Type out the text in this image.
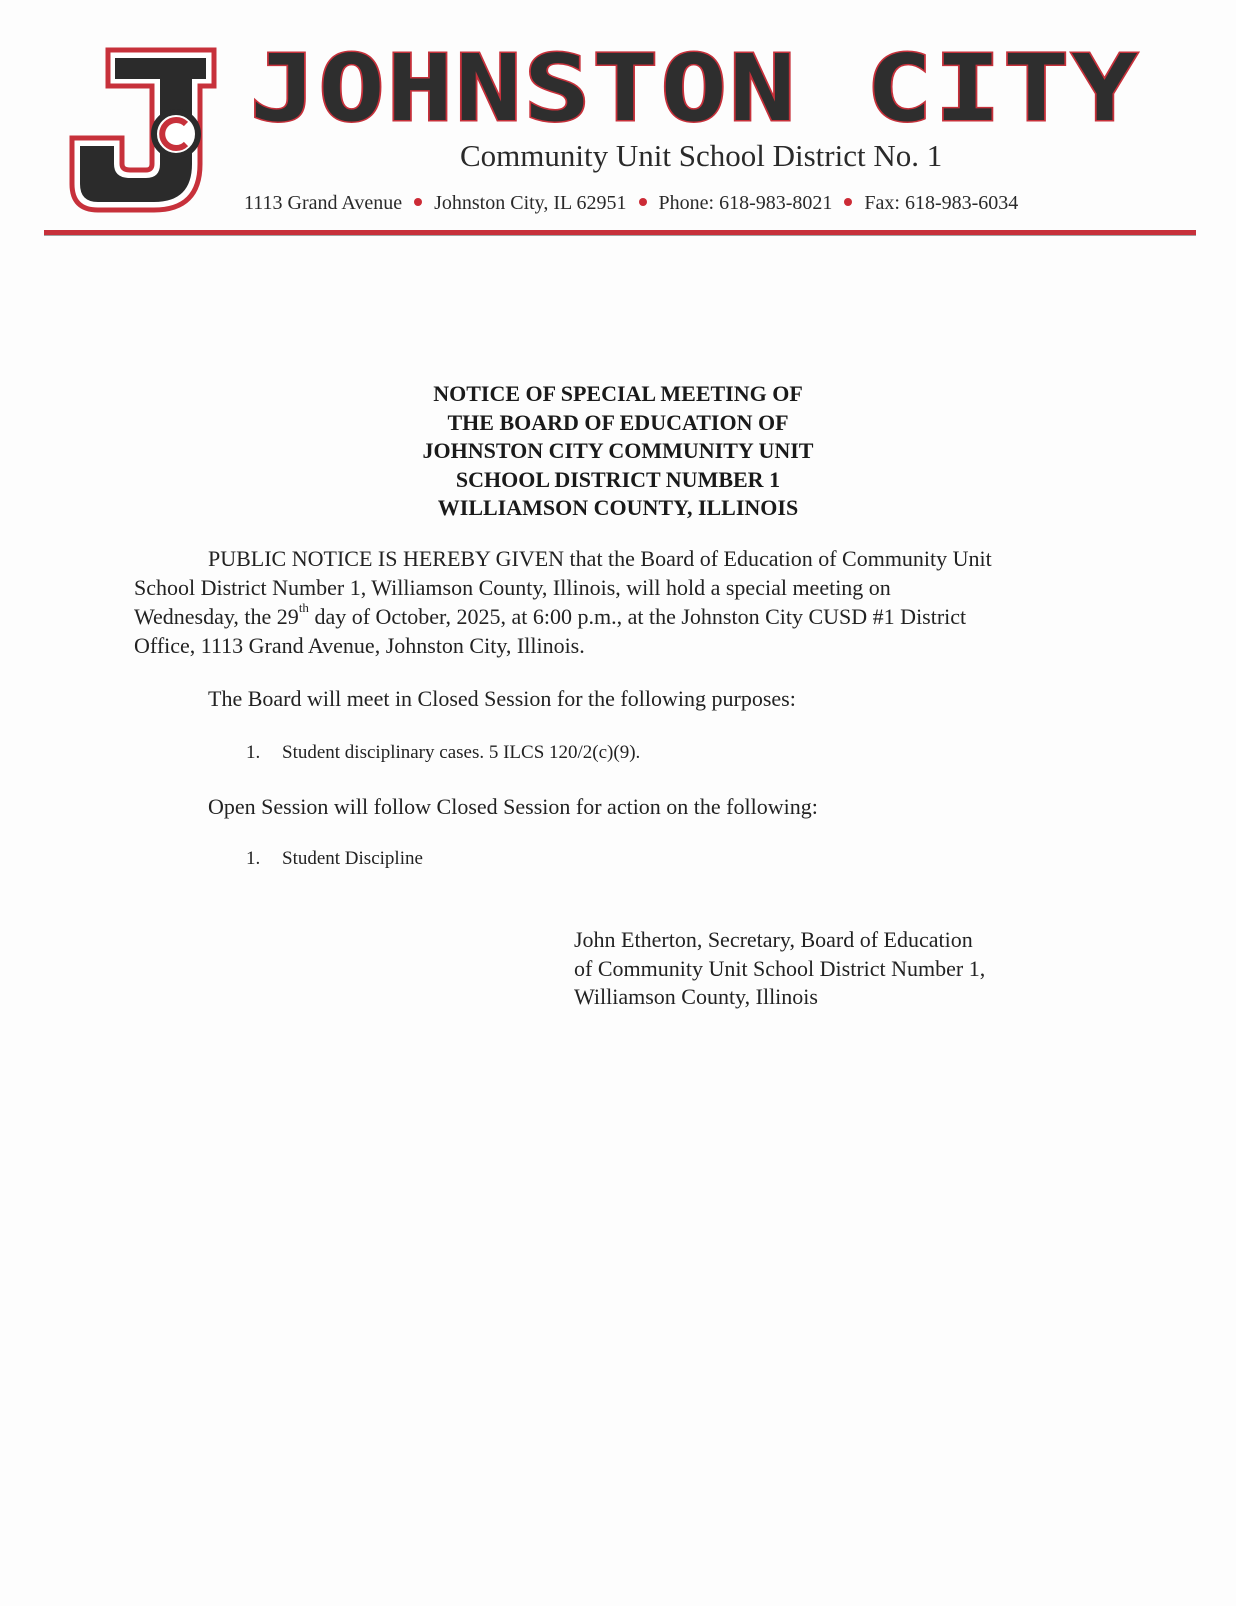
JOHNSTON CITY
Community Unit School District No. 1
1113 Grand Avenue Johnston City, IL 62951 Phone: 618-983-8021 Fax: 618-983-6034
NOTICE OF SPECIAL MEETING OF
THE BOARD OF EDUCATION OF
JOHNSTON CITY COMMUNITY UNIT
SCHOOL DISTRICT NUMBER 1
WILLIAMSON COUNTY, ILLINOIS
PUBLIC NOTICE IS HEREBY GIVEN that the Board of Education of Community Unit
School District Number 1, Williamson County, Illinois, will hold a special meeting on
Wednesday, the 29th day of October, 2025, at 6:00 p.m., at the Johnston City CUSD #1 District
Office, 1113 Grand Avenue, Johnston City, Illinois.
The Board will meet in Closed Session for the following purposes:
1. Student disciplinary cases. 5 ILCS 120/2(c)(9).
Open Session will follow Closed Session for action on the following:
1. Student Discipline
John Etherton, Secretary, Board of Education
of Community Unit School District Number 1,
Williamson County, Illinois
